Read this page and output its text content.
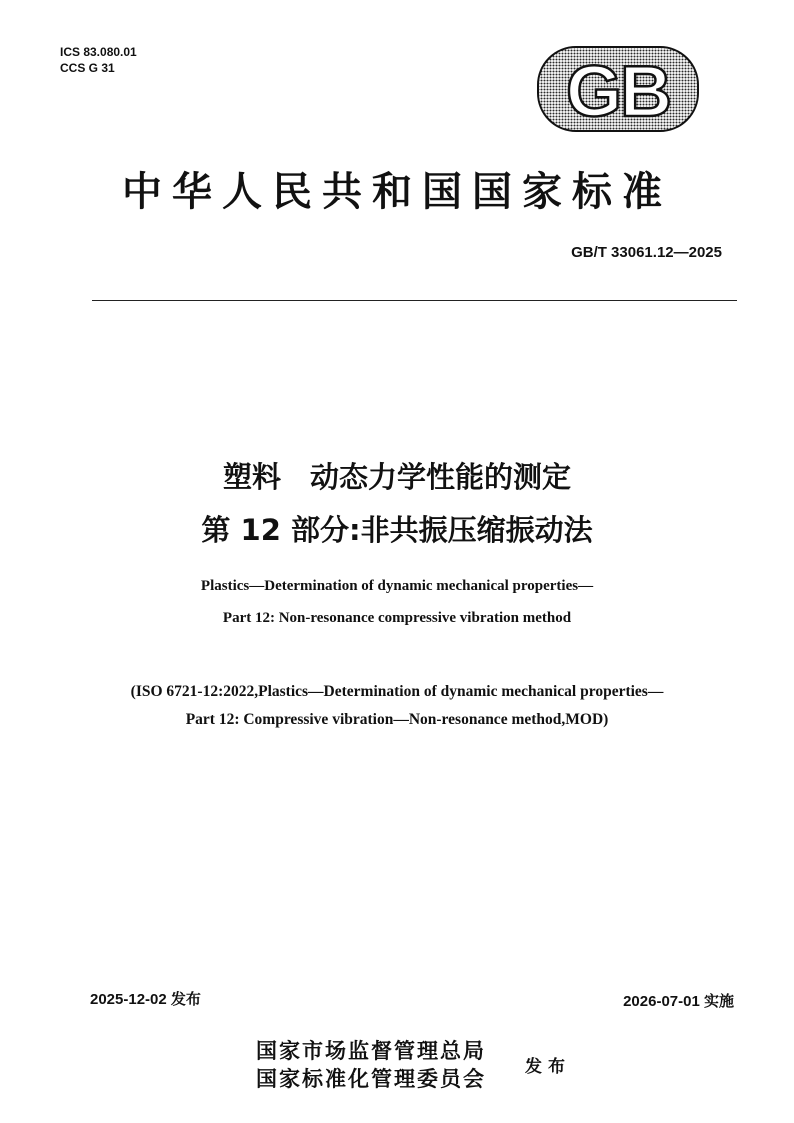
ICS 83.080.01
CCS G 31	GB
中华人民共和国国家标准
GB/T 33061.12—2025
塑料　动态力学性能的测定
第 12 部分:非共振压缩振动法
Plastics—Determination of dynamic mechanical properties—
Part 12: Non-resonance compressive vibration method
(ISO 6721-12:2022,Plastics—Determination of dynamic mechanical properties—
Part 12: Compressive vibration—Non-resonance method,MOD)
2025-12-02 发布	2026-07-01 实施
国家市场监督管理总局
国家标准化管理委员会 发布
